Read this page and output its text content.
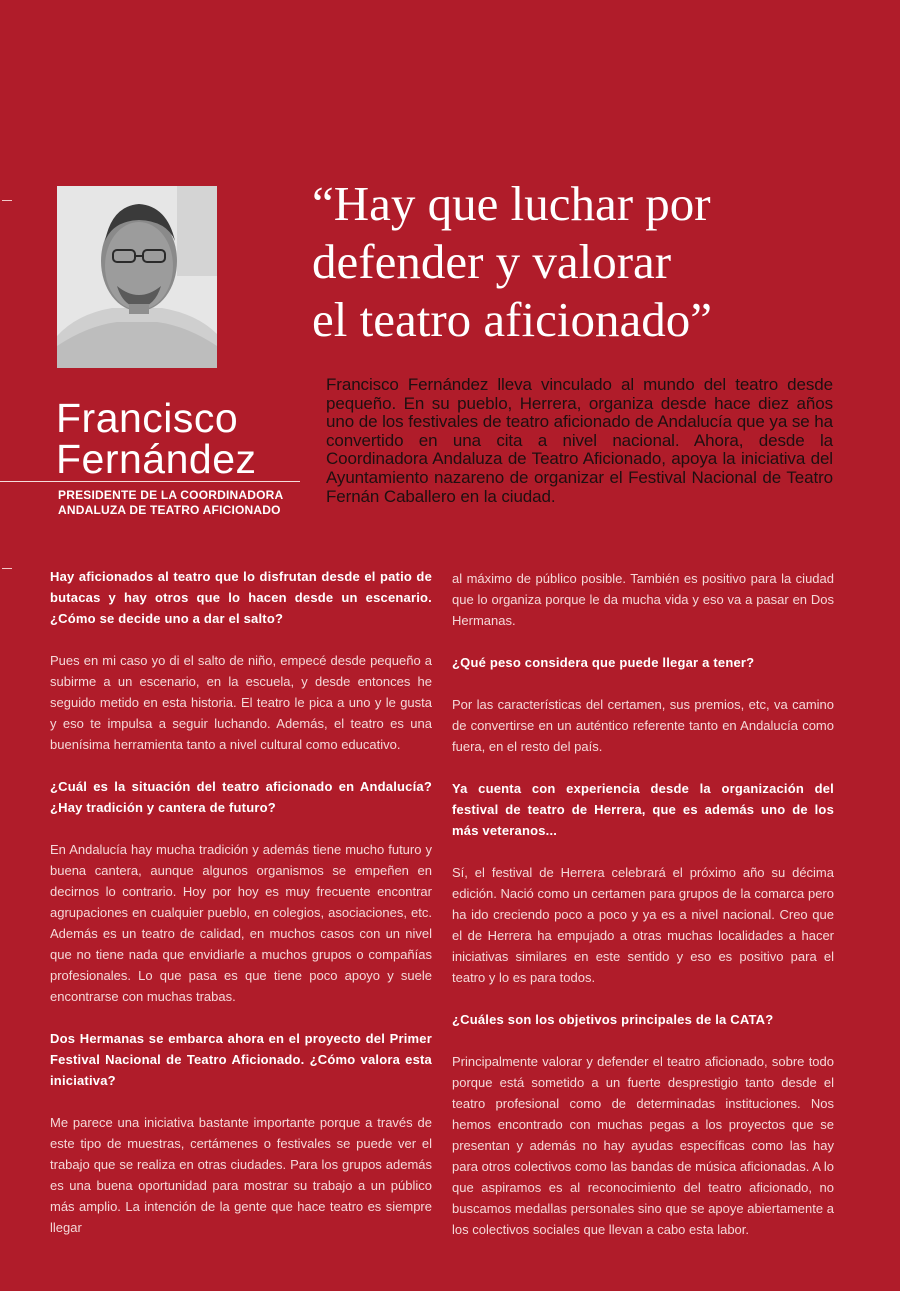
Francisco
Fernández
PRESIDENTE DE LA COORDINADORA
ANDALUZA DE TEATRO AFICIONADO
“Hay que luchar por
defender y valorar
el teatro aficionado”
Francisco Fernández lleva vinculado al mundo del teatro desde pequeño. En su pueblo, Herrera, organiza desde hace diez años uno de los festivales de teatro aficionado de Andalucía que ya se ha convertido en una cita a nivel nacional. Ahora, desde la Coordinadora Andaluza de Teatro Aficionado, apoya la iniciativa del Ayuntamiento nazareno de organizar el Festival Nacional de Teatro Fernán Caballero en la ciudad.

Hay aficionados al teatro que lo disfrutan desde el patio de butacas y hay otros que lo hacen desde un escenario. ¿Cómo se decide uno a dar el salto?

Pues en mi caso yo di el salto de niño, empecé desde pequeño a subirme a un escenario, en la escuela, y desde entonces he seguido metido en esta historia. El teatro le pica a uno y le gusta y eso te impulsa a seguir luchando. Además, el teatro es una buenísima herramienta tanto a nivel cultural como educativo.

¿Cuál es la situación del teatro aficionado en Andalucía? ¿Hay tradición y cantera de futuro?

En Andalucía hay mucha tradición y además tiene mucho futuro y buena cantera, aunque algunos organismos se empeñen en decirnos lo contrario. Hoy por hoy es muy frecuente encontrar agrupaciones en cualquier pueblo, en colegios, asociaciones, etc. Además es un teatro de calidad, en muchos casos con un nivel que no tiene nada que envidiarle a muchos grupos o compañías profesionales. Lo que pasa es que tiene poco apoyo y suele encontrarse con muchas trabas.

Dos Hermanas se embarca ahora en el proyecto del Primer Festival Nacional de Teatro Aficionado. ¿Cómo valora esta iniciativa?

Me parece una iniciativa bastante importante porque a través de este tipo de muestras, certámenes o festivales se puede ver el trabajo que se realiza en otras ciudades. Para los grupos además es una buena oportunidad para mostrar su trabajo a un público más amplio. La intención de la gente que hace teatro es siempre llegar

al máximo de público posible. También es positivo para la ciudad que lo organiza porque le da mucha vida y eso va a pasar en Dos Hermanas.

¿Qué peso considera que puede llegar a tener?

Por las características del certamen, sus premios, etc, va camino de convertirse en un auténtico referente tanto en Andalucía como fuera, en el resto del país.

Ya cuenta con experiencia desde la organización del festival de teatro de Herrera, que es además uno de los más veteranos...

Sí, el festival de Herrera celebrará el próximo año su décima edición. Nació como un certamen para grupos de la comarca pero ha ido creciendo poco a poco y ya es a nivel nacional. Creo que el de Herrera ha empujado a otras muchas localidades a hacer iniciativas similares en este sentido y eso es positivo para el teatro y lo es para todos.

¿Cuáles son los objetivos principales de la CATA?

Principalmente valorar y defender el teatro aficionado, sobre todo porque está sometido a un fuerte desprestigio tanto desde el teatro profesional como de determinadas instituciones. Nos hemos encontrado con muchas pegas a los proyectos que se presentan y además no hay ayudas específicas como las hay para otros colectivos como las bandas de música aficionadas. A lo que aspiramos es al reconocimiento del teatro aficionado, no buscamos medallas personales sino que se apoye abiertamente a los colectivos sociales que llevan a cabo esta labor.
